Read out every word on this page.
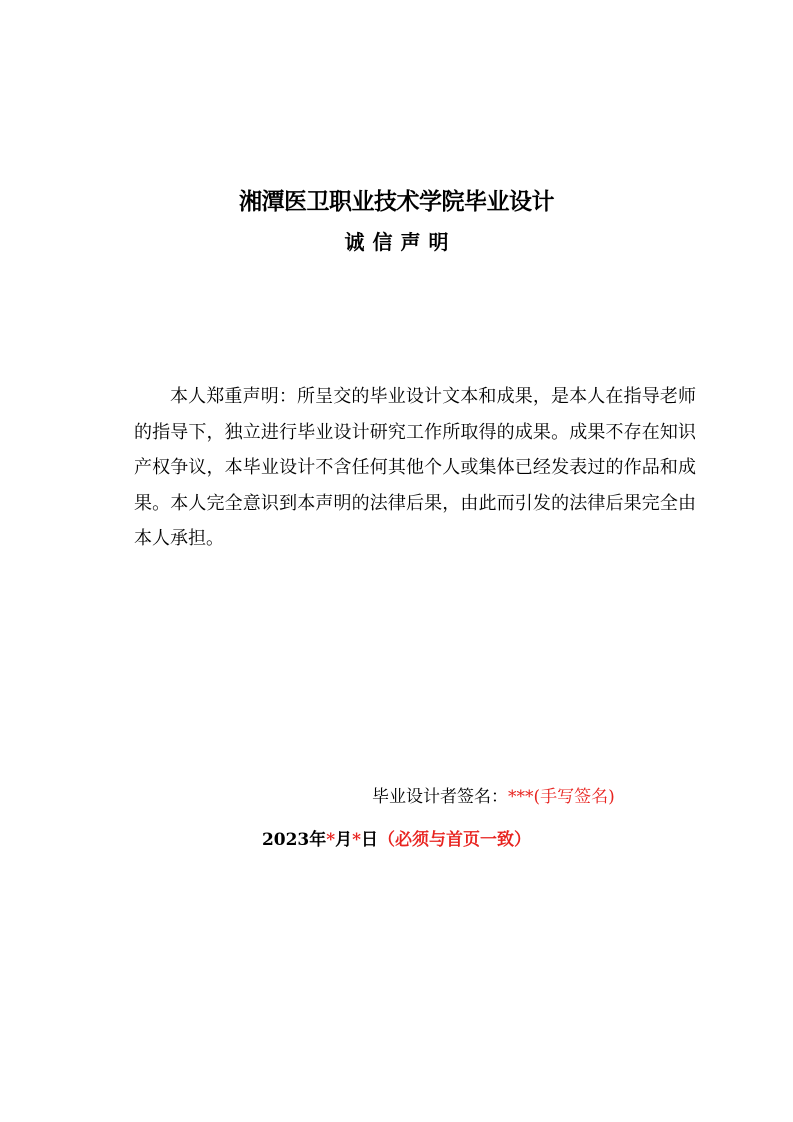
湘潭医卫职业技术学院毕业设计
诚信声明

本人郑重声明：所呈交的毕业设计文本和成果，是本人在指导老师的指导下，独立进行毕业设计研究工作所取得的成果。成果不存在知识产权争议，本毕业设计不含任何其他个人或集体已经发表过的作品和成果。本人完全意识到本声明的法律后果，由此而引发的法律后果完全由本人承担。

毕业设计者签名：***(手写签名)
2023年*月*日（必须与首页一致）
